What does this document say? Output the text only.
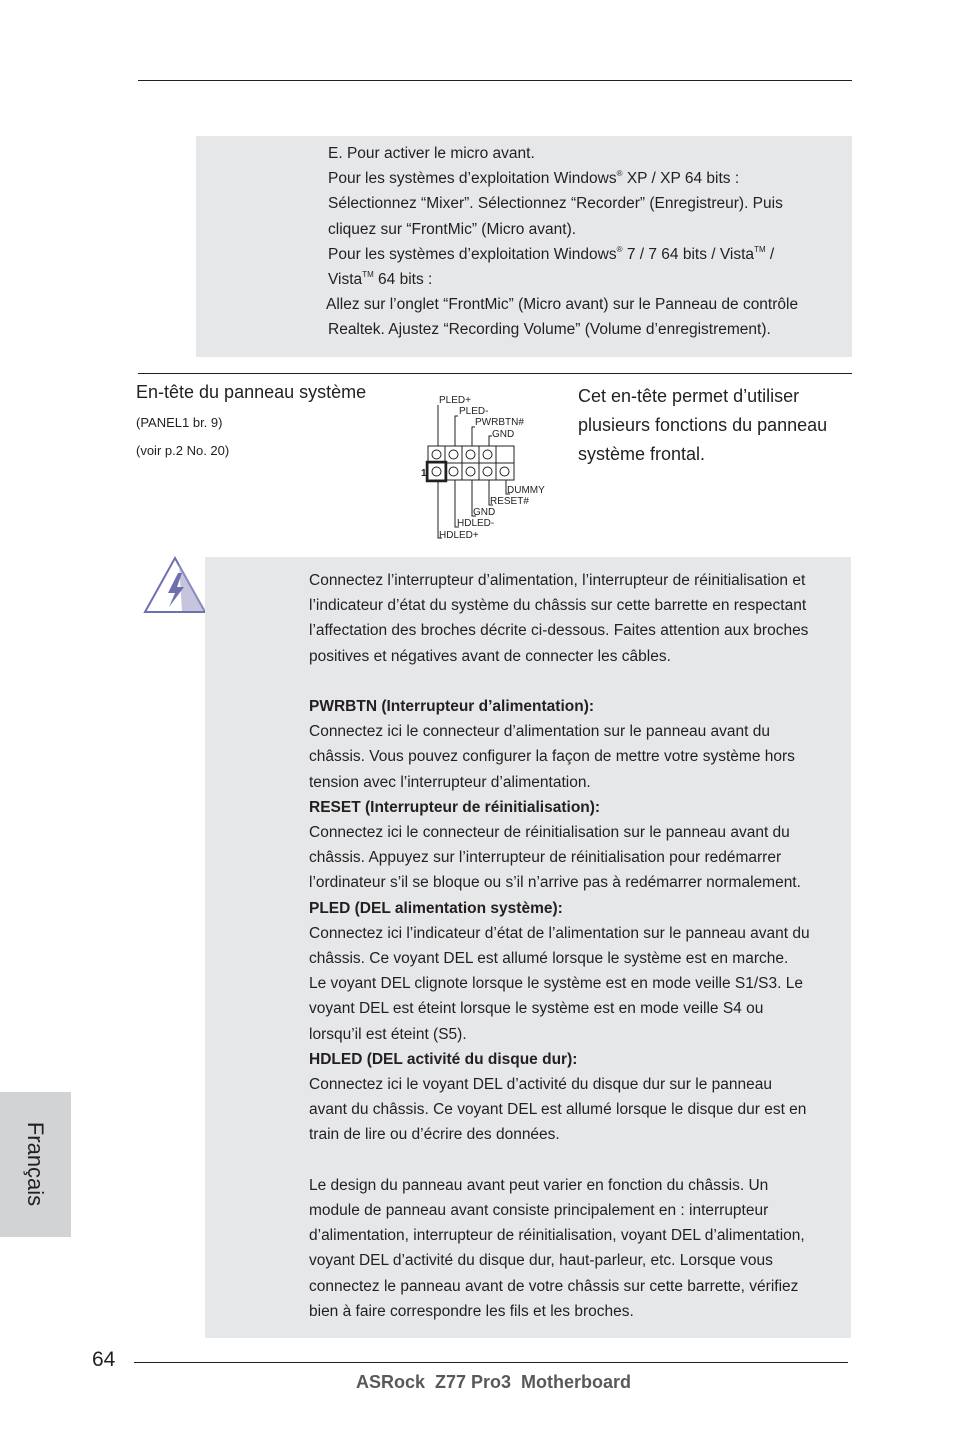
E. Pour activer le micro avant.
Pour les systèmes d’exploitation Windows® XP / XP 64 bits :
Sélectionnez “Mixer”. Sélectionnez “Recorder” (Enregistreur). Puis
cliquez sur “FrontMic” (Micro avant).
Pour les systèmes d’exploitation Windows® 7 / 7 64 bits / Vista™ /
Vista™ 64 bits :
Allez sur l’onglet “FrontMic” (Micro avant) sur le Panneau de contrôle
Realtek. Ajustez “Recording Volume” (Volume d’enregistrement).
En-tête du panneau système
(PANEL1 br. 9)
(voir p.2 No. 20)
PLED+
PLED-
PWRBTN#
GND
DUMMY
RESET#
GND
HDLED-
HDLED+
1
Cet en-tête permet d’utiliser
plusieurs fonctions du panneau
système frontal.
Connectez l’interrupteur d’alimentation, l’interrupteur de réinitialisation et
l’indicateur d’état du système du châssis sur cette barrette en respectant
l’affectation des broches décrite ci-dessous. Faites attention aux broches
positives et négatives avant de connecter les câbles.
PWRBTN (Interrupteur d’alimentation):
Connectez ici le connecteur d’alimentation sur le panneau avant du
châssis. Vous pouvez configurer la façon de mettre votre système hors
tension avec l’interrupteur d’alimentation.
RESET (Interrupteur de réinitialisation):
Connectez ici le connecteur de réinitialisation sur le panneau avant du
châssis. Appuyez sur l’interrupteur de réinitialisation pour redémarrer
l’ordinateur s’il se bloque ou s’il n’arrive pas à redémarrer normalement.
PLED (DEL alimentation système):
Connectez ici l’indicateur d’état de l’alimentation sur le panneau avant du
châssis. Ce voyant DEL est allumé lorsque le système est en marche.
Le voyant DEL clignote lorsque le système est en mode veille S1/S3. Le
voyant DEL est éteint lorsque le système est en mode veille S4 ou
lorsqu’il est éteint (S5).
HDLED (DEL activité du disque dur):
Connectez ici le voyant DEL d’activité du disque dur sur le panneau
avant du châssis. Ce voyant DEL est allumé lorsque le disque dur est en
train de lire ou d’écrire des données.
Le design du panneau avant peut varier en fonction du châssis. Un
module de panneau avant consiste principalement en : interrupteur
d’alimentation, interrupteur de réinitialisation, voyant DEL d’alimentation,
voyant DEL d’activité du disque dur, haut-parleur, etc. Lorsque vous
connectez le panneau avant de votre châssis sur cette barrette, vérifiez
bien à faire correspondre les fils et les broches.
Français
64
ASRock  Z77 Pro3  Motherboard
